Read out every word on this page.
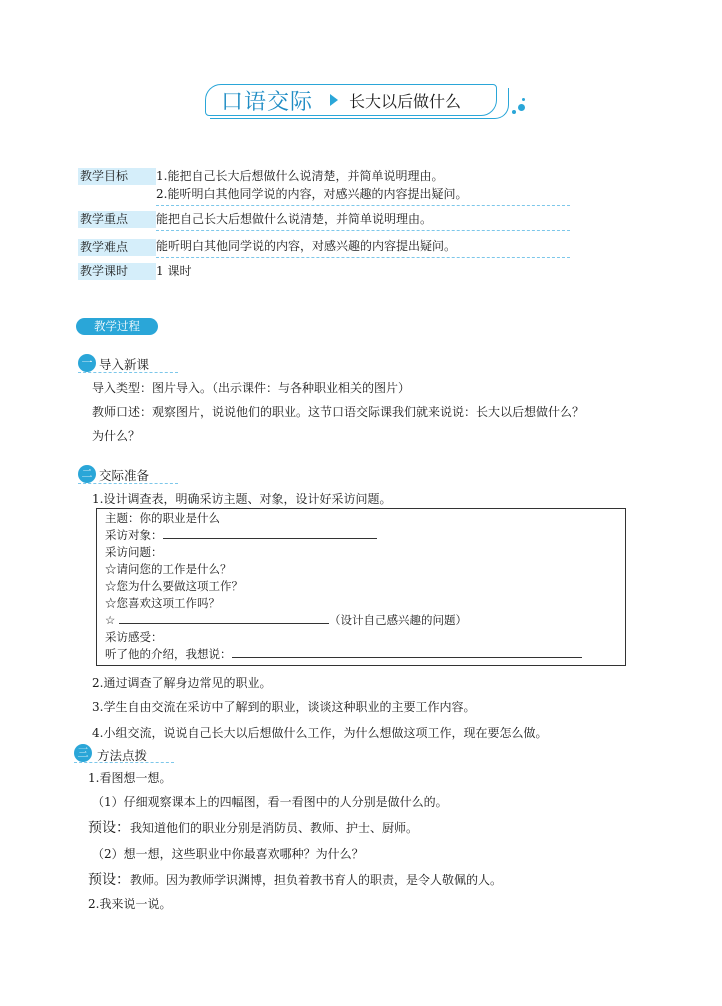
口语交际 长大以后做什么
教学目标	1.能把自己长大后想做什么说清楚，并简单说明理由。
2.能听明白其他同学说的内容，对感兴趣的内容提出疑问。
教学重点	能把自己长大后想做什么说清楚，并简单说明理由。
教学难点	能听明白其他同学说的内容，对感兴趣的内容提出疑问。
教学课时	1 课时
教学过程
一 导入新课
导入类型：图片导入。（出示课件：与各种职业相关的图片）
教师口述：观察图片，说说他们的职业。这节口语交际课我们就来说说：长大以后想做什么？
为什么？
二 交际准备
1.设计调查表，明确采访主题、对象，设计好采访问题。
主题：你的职业是什么
采访对象：
采访问题：
☆请问您的工作是什么？
☆您为什么要做这项工作？
☆您喜欢这项工作吗？
☆	（设计自己感兴趣的问题）
采访感受：
听了他的介绍，我想说：
2.通过调查了解身边常见的职业。
3.学生自由交流在采访中了解到的职业，谈谈这种职业的主要工作内容。
4.小组交流，说说自己长大以后想做什么工作，为什么想做这项工作，现在要怎么做。
三 方法点拨
1.看图想一想。
（1）仔细观察课本上的四幅图，看一看图中的人分别是做什么的。
预设：我知道他们的职业分别是消防员、教师、护士、厨师。
（2）想一想，这些职业中你最喜欢哪种？为什么？
预设：教师。因为教师学识渊博，担负着教书育人的职责，是令人敬佩的人。
2.我来说一说。
